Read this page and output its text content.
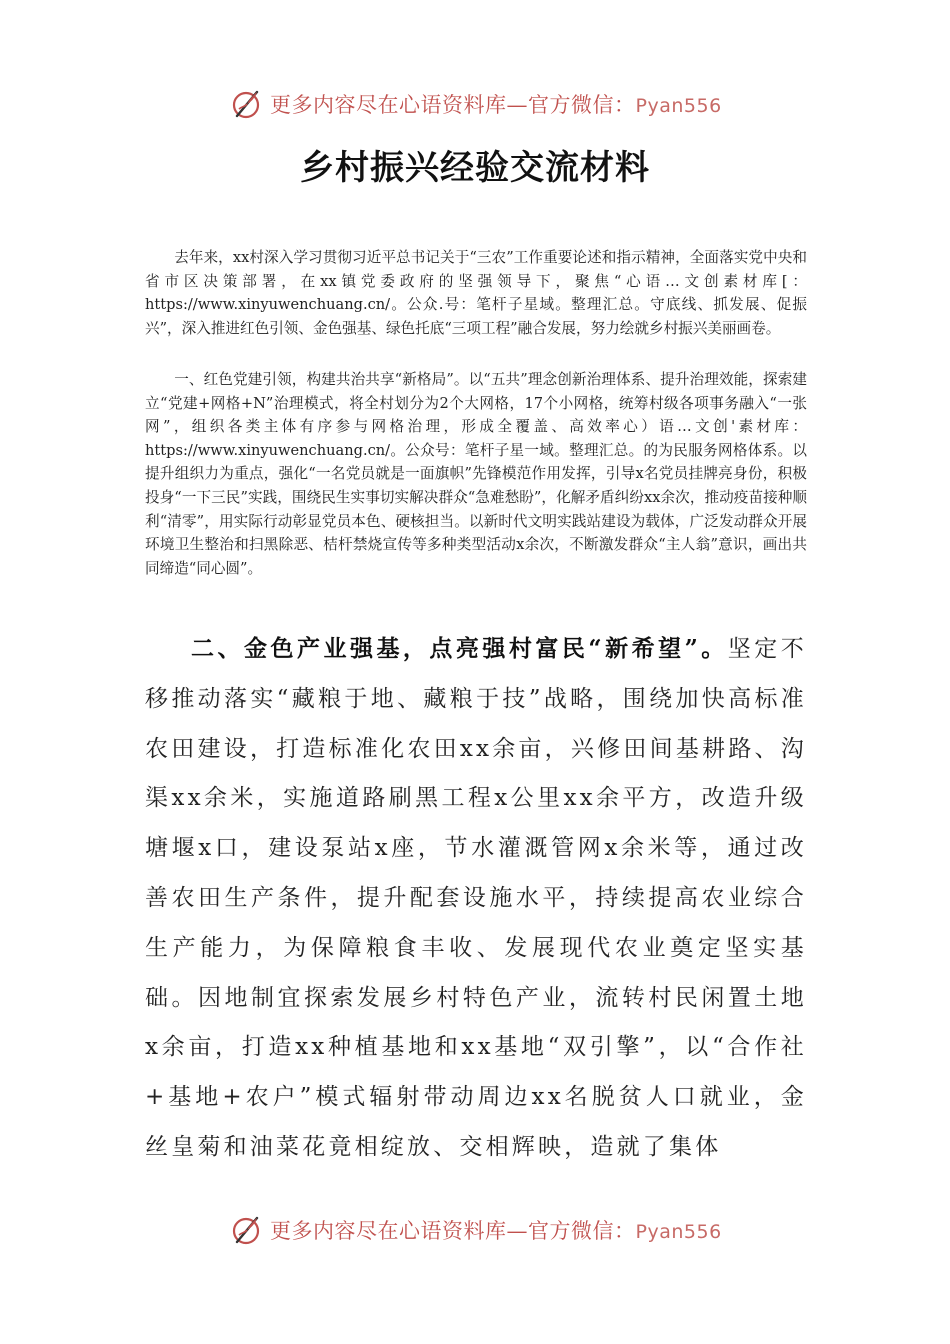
更多内容尽在心语资料库—官方微信：Pyan556
乡村振兴经验交流材料

去年来，xx村深入学习贯彻习近平总书记关于“三农”工作重要论述和指示精神，全面落实党中央和省市区决策部署，在xx镇党委政府的坚强领导下，聚焦“心语…文创素材库[：https://www.xinyuwenchuang.cn/。公众.号：笔杆子星域。整理汇总。守底线、抓发展、促振兴”，深入推进红色引领、金色强基、绿色托底“三项工程”融合发展，努力绘就乡村振兴美丽画卷。

一、红色党建引领，构建共治共享“新格局”。以“五共”理念创新治理体系、提升治理效能，探索建立“党建+网格+N”治理模式，将全村划分为2个大网格，17个小网格，统筹村级各项事务融入“一张网”，组织各类主体有序参与网格治理，形成全覆盖、高效率心）语…文创'素材库：https://www.xinyuwenchuang.cn/。公众号：笔杆子星一域。整理汇总。的为民服务网格体系。以提升组织力为重点，强化“一名党员就是一面旗帜”先锋模范作用发挥，引导x名党员挂牌亮身份，积极投身“一下三民”实践，围绕民生实事切实解决群众“急难愁盼”，化解矛盾纠纷xx余次，推动疫苗接种顺利“清零”，用实际行动彰显党员本色、硬核担当。以新时代文明实践站建设为载体，广泛发动群众开展环境卫生整治和扫黑除恶、桔杆禁烧宣传等多种类型活动x余次，不断激发群众“主人翁”意识，画出共同缔造“同心圆”。

二、金色产业强基，点亮强村富民“新希望”。坚定不移推动落实“藏粮于地、藏粮于技”战略，围绕加快高标准农田建设，打造标准化农田xx余亩，兴修田间基耕路、沟渠xx余米，实施道路刷黑工程x公里xx余平方，改造升级塘堰x口，建设泵站x座，节水灌溉管网x余米等，通过改善农田生产条件，提升配套设施水平，持续提高农业综合生产能力，为保障粮食丰收、发展现代农业奠定坚实基础。因地制宜探索发展乡村特色产业，流转村民闲置土地x余亩，打造xx种植基地和xx基地“双引擎”，以“合作社+基地+农户”模式辐射带动周边xx名脱贫人口就业，金丝皇菊和油菜花竟相绽放、交相辉映，造就了集体

更多内容尽在心语资料库—官方微信：Pyan556
